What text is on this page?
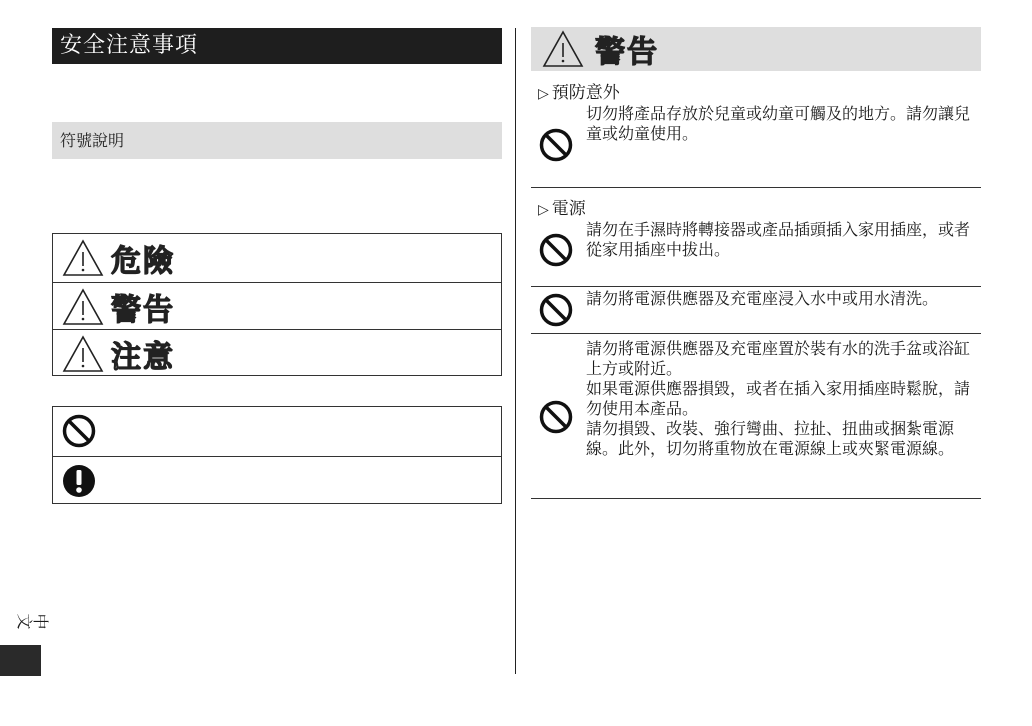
安全注意事項
符號說明
危險
警告
注意
中文
警告
▷ 預防意外
切勿將產品存放於兒童或幼童可觸及的地方。請勿讓兒童或幼童使用。
▷ 電源
請勿在手濕時將轉接器或產品插頭插入家用插座，或者從家用插座中拔出。
請勿將電源供應器及充電座浸入水中或用水清洗。
請勿將電源供應器及充電座置於裝有水的洗手盆或浴缸上方或附近。
如果電源供應器損毀，或者在插入家用插座時鬆脫，請勿使用本產品。
請勿損毀、改裝、強行彎曲、拉扯、扭曲或捆紮電源線。此外，切勿將重物放在電源線上或夾緊電源線。
